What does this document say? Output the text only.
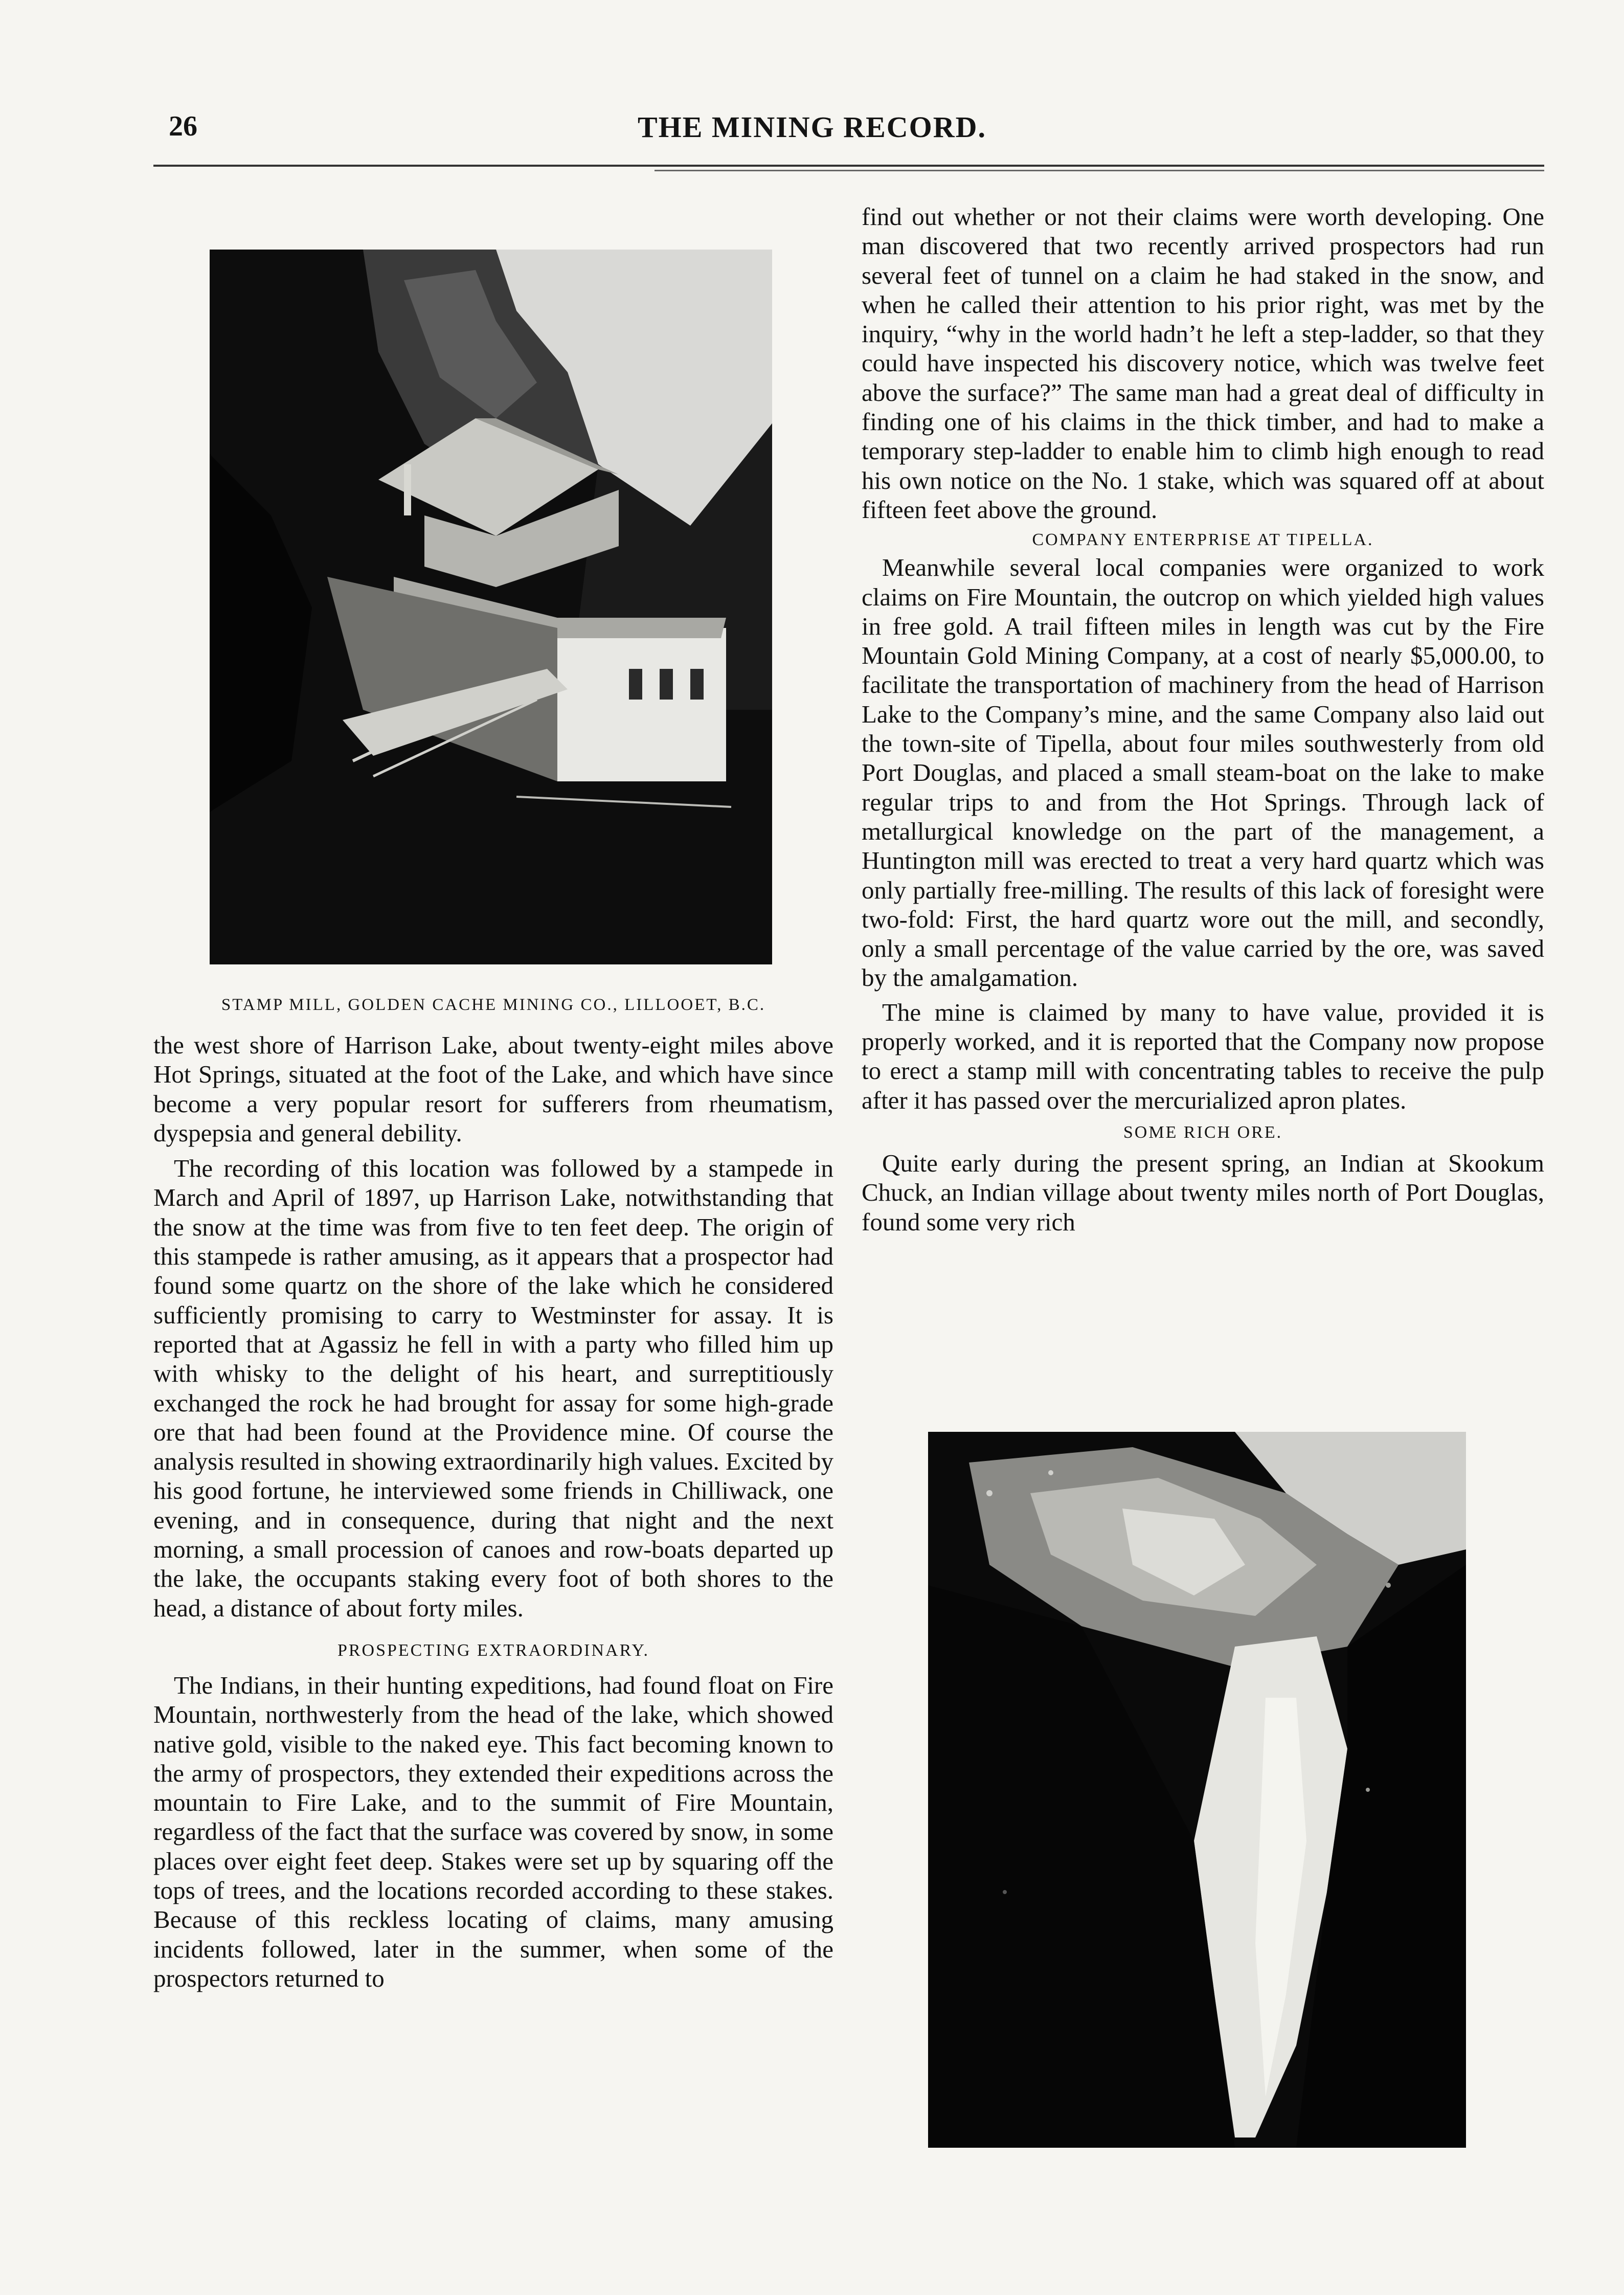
26	THE MINING RECORD.
STAMP MILL, GOLDEN CACHE MINING CO., LILLOOET, B.C.

the west shore of Harrison Lake, about twenty-eight miles above Hot Springs, situated at the foot of the Lake, and which have since become a very popular resort for sufferers from rheumatism, dyspepsia and general debility.

The recording of this location was followed by a stampede in March and April of 1897, up Harrison Lake, notwithstanding that the snow at the time was from five to ten feet deep. The origin of this stampede is rather amusing, as it appears that a prospector had found some quartz on the shore of the lake which he considered sufficiently promising to carry to Westminster for assay. It is reported that at Agassiz he fell in with a party who filled him up with whisky to the delight of his heart, and surreptitiously exchanged the rock he had brought for assay for some high-grade ore that had been found at the Providence mine. Of course the analysis resulted in showing extraordinarily high values. Excited by his good fortune, he interviewed some friends in Chilliwack, one evening, and in consequence, during that night and the next morning, a small procession of canoes and row-boats departed up the lake, the occupants staking every foot of both shores to the head, a distance of about forty miles.

PROSPECTING EXTRAORDINARY.

The Indians, in their hunting expeditions, had found float on Fire Mountain, northwesterly from the head of the lake, which showed native gold, visible to the naked eye. This fact becoming known to the army of prospectors, they extended their expeditions across the mountain to Fire Lake, and to the summit of Fire Mountain, regardless of the fact that the surface was covered by snow, in some places over eight feet deep. Stakes were set up by squaring off the tops of trees, and the locations recorded according to these stakes. Because of this reckless locating of claims, many amusing incidents followed, later in the summer, when some of the prospectors returned to

find out whether or not their claims were worth developing. One man discovered that two recently arrived prospectors had run several feet of tunnel on a claim he had staked in the snow, and when he called their attention to his prior right, was met by the inquiry, “why in the world hadn’t he left a step-ladder, so that they could have inspected his discovery notice, which was twelve feet above the surface?” The same man had a great deal of difficulty in finding one of his claims in the thick timber, and had to make a temporary step-ladder to enable him to climb high enough to read his own notice on the No. 1 stake, which was squared off at about fifteen feet above the ground.

COMPANY ENTERPRISE AT TIPELLA.

Meanwhile several local companies were organized to work claims on Fire Mountain, the outcrop on which yielded high values in free gold. A trail fifteen miles in length was cut by the Fire Mountain Gold Mining Company, at a cost of nearly $5,000.00, to facilitate the transportation of machinery from the head of Harrison Lake to the Company’s mine, and the same Company also laid out the town-site of Tipella, about four miles southwesterly from old Port Douglas, and placed a small steam-boat on the lake to make regular trips to and from the Hot Springs. Through lack of metallurgical knowledge on the part of the management, a Huntington mill was erected to treat a very hard quartz which was only partially free-milling. The results of this lack of foresight were two-fold: First, the hard quartz wore out the mill, and secondly, only a small percentage of the value carried by the ore, was saved by the amalgamation.

The mine is claimed by many to have value, provided it is properly worked, and it is reported that the Company now propose to erect a stamp mill with concentrating tables to receive the pulp after it has passed over the mercurialized apron plates.

SOME RICH ORE.

Quite early during the present spring, an Indian at Skookum Chuck, an Indian village about twenty miles north of Port Douglas, found some very rich
